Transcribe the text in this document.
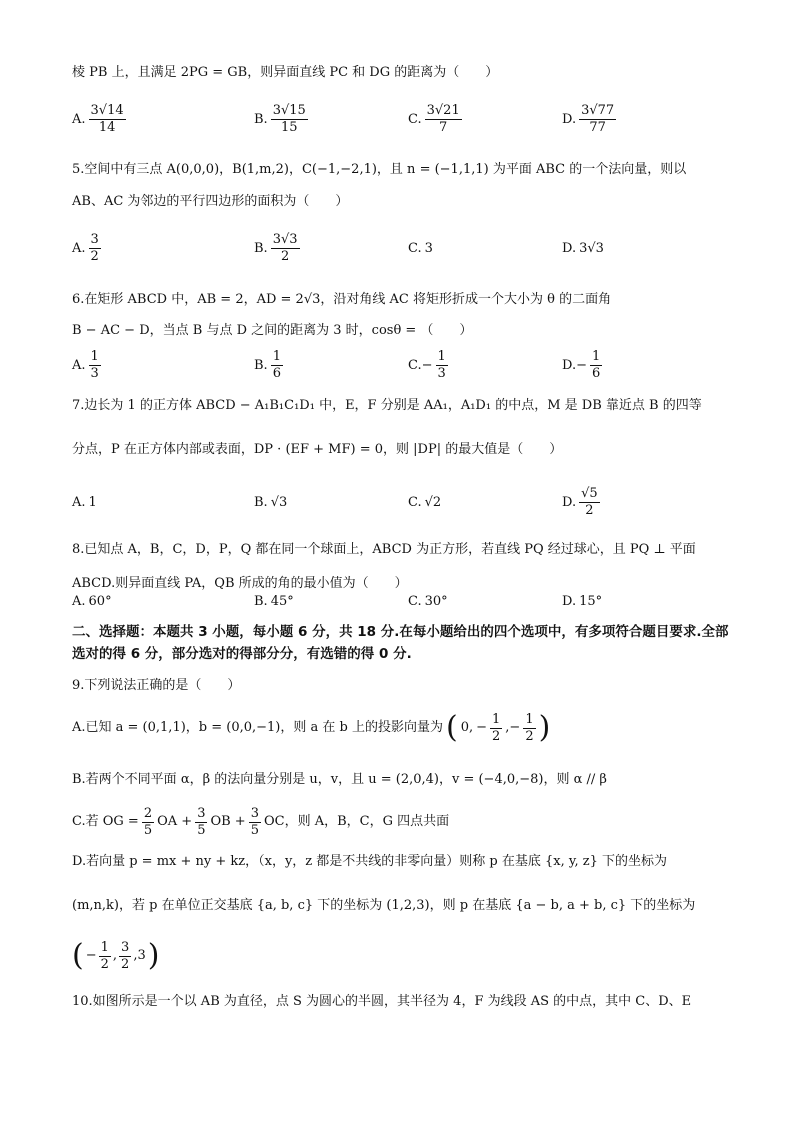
棱 PB 上，且满足 2PG = GB，则异面直线 PC 和 DG 的距离为（　　）
A. $\frac{3√14}{14}$	B. $\frac{3√15}{15}$	C. $\frac{3√21}{7}$	D. $\frac{3√77}{77}$
5.空间中有三点 A(0,0,0)，B(1,m,2)，C(−1,−2,1)，且 n = (−1,1,1) 为平面 ABC 的一个法向量，则以
AB、AC 为邻边的平行四边形的面积为（　　）
A. $\frac{3}{2}$	B. $\frac{3√3}{2}$	C. 3	D. 3√3
6.在矩形 ABCD 中，AB = 2，AD = 2√3，沿对角线 AC 将矩形折成一个大小为 θ 的二面角
B − AC − D，当点 B 与点 D 之间的距离为 3 时，cosθ = （　　）
A. $\frac{1}{3}$	B. $\frac{1}{6}$	$C.- \frac{1}{3}$	$D.- \frac{1}{6}$
7.边长为 1 的正方体 ABCD − A₁B₁C₁D₁ 中，E，F 分别是 AA₁，A₁D₁ 的中点，M 是 DB 靠近点 B 的四等
分点，P 在正方体内部或表面，DP · (EF + MF) = 0，则 |DP| 的最大值是（　　）
A. 1	B. √3	C. √2	D. $\frac{√5}{2}$
8.已知点 A，B，C，D，P，Q 都在同一个球面上，ABCD 为正方形，若直线 PQ 经过球心，且 PQ ⊥ 平面
ABCD.则异面直线 PA，QB 所成的角的最小值为（　　）
A. 60°	B. 45°	C. 30°	D. 15°
二、选择题：本题共 3 小题，每小题 6 分，共 18 分.在每小题给出的四个选项中，有多项符合题目要求.全部选对的得 6 分，部分选对的得部分分，有选错的得 0 分.
9.下列说法正确的是（　　）
A.已知 a = (0,1,1)，b = (0,0,−1)，则 a 在 b 上的投影向量为 ( 0, − $\frac{1}{2}$ ,− $\frac{1}{2}$ )
B.若两个不同平面 α，β 的法向量分别是 u，v，且 u = (2,0,4)，v = (−4,0,−8)，则 α // β
C.若 OG = $\frac{2}{5}$ OA + $\frac{3}{5}$ OB + $\frac{3}{5}$ OC，则 A，B，C，G 四点共面
D.若向量 p = mx + ny + kz，（x，y，z 都是不共线的非零向量）则称 p 在基底 {x, y, z} 下的坐标为
(m,n,k)，若 p 在单位正交基底 {a, b, c} 下的坐标为 (1,2,3)，则 p 在基底 {a − b, a + b, c} 下的坐标为
( − $\frac{1}{2}$ , $\frac{3}{2} ,3$ )
10.如图所示是一个以 AB 为直径，点 S 为圆心的半圆，其半径为 4，F 为线段 AS 的中点，其中 C、D、E
